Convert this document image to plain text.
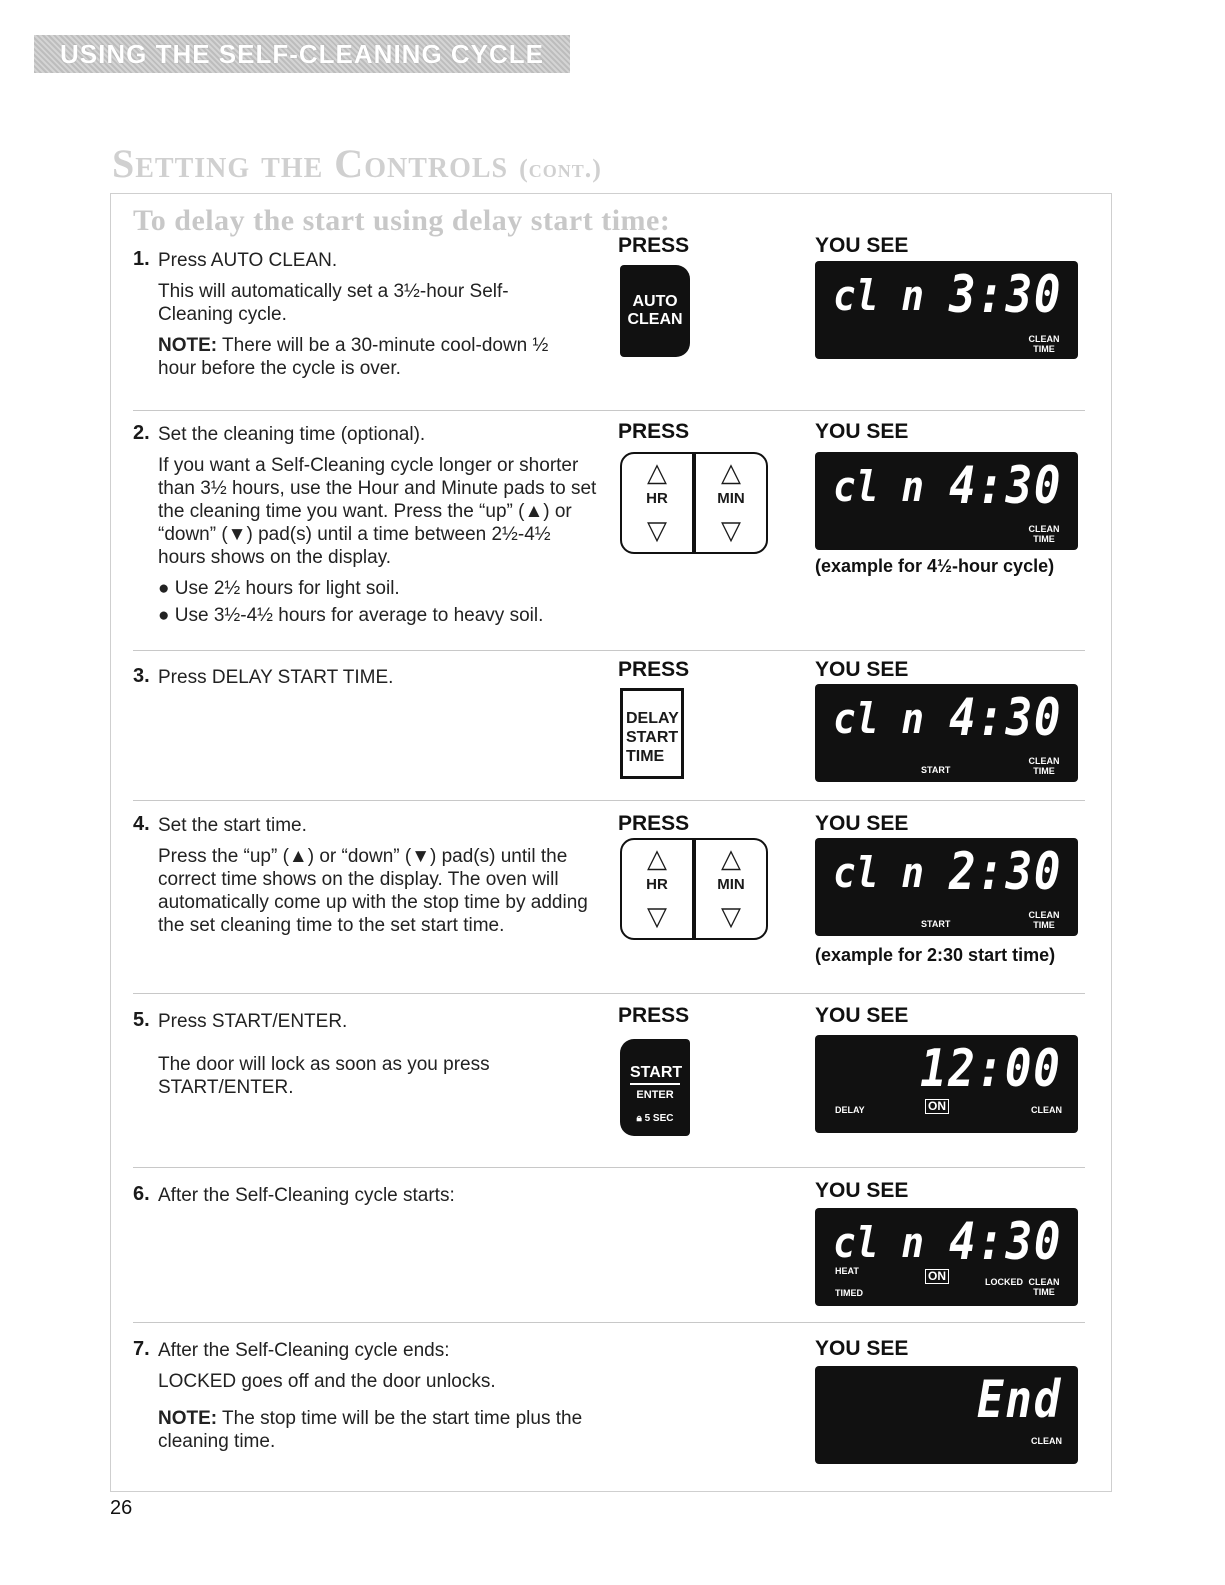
USING THE SELF-CLEANING CYCLE
Setting the Controls (cont.)
To delay the start using delay start time:
1. Press AUTO CLEAN.

This will automatically set a 3½-hour Self-Cleaning cycle.

NOTE: There will be a 30-minute cool-down ½ hour before the cycle is over.

PRESS	YOU SEE
AUTO CLEAN	cl n 3:30
CLEAN TIME
2. Set the cleaning time (optional).

If you want a Self-Cleaning cycle longer or shorter than 3½ hours, use the Hour and Minute pads to set the cleaning time you want. Press the “up” (▲) or “down” (▼) pad(s) until a time between 2½-4½ hours shows on the display.

● Use 2½ hours for light soil.

● Use 3½-4½ hours for average to heavy soil.

PRESS	YOU SEE
△
HR
▽
△
MIN
▽
cl n 4:30
CLEAN TIME
(example for 4½-hour cycle)
3. Press DELAY START TIME.	PRESS	YOU SEE
DELAY START TIME
cl n 4:30
START
CLEAN TIME
4. Set the start time.

Press the “up” (▲) or “down” (▼) pad(s) until the correct time shows on the display. The oven will automatically come up with the stop time by adding the set cleaning time to the set start time.

PRESS	YOU SEE
△
HR
▽
△
MIN
▽
cl n 2:30
START
CLEAN TIME
(example for 2:30 start time)
5. Press START/ENTER.

The door will lock as soon as you press START/ENTER.

PRESS	YOU SEE
START
ENTER
🔒︎ 5 SEC
12:00
DELAY	ON	CLEAN
6. After the Self-Cleaning cycle starts:	YOU SEE
cl n 4:30
HEAT
TIMED
ON	LOCKED CLEAN TIME
7. After the Self-Cleaning cycle ends:

LOCKED goes off and the door unlocks.

NOTE: The stop time will be the start time plus the cleaning time.

YOU SEE
End
CLEAN
26
